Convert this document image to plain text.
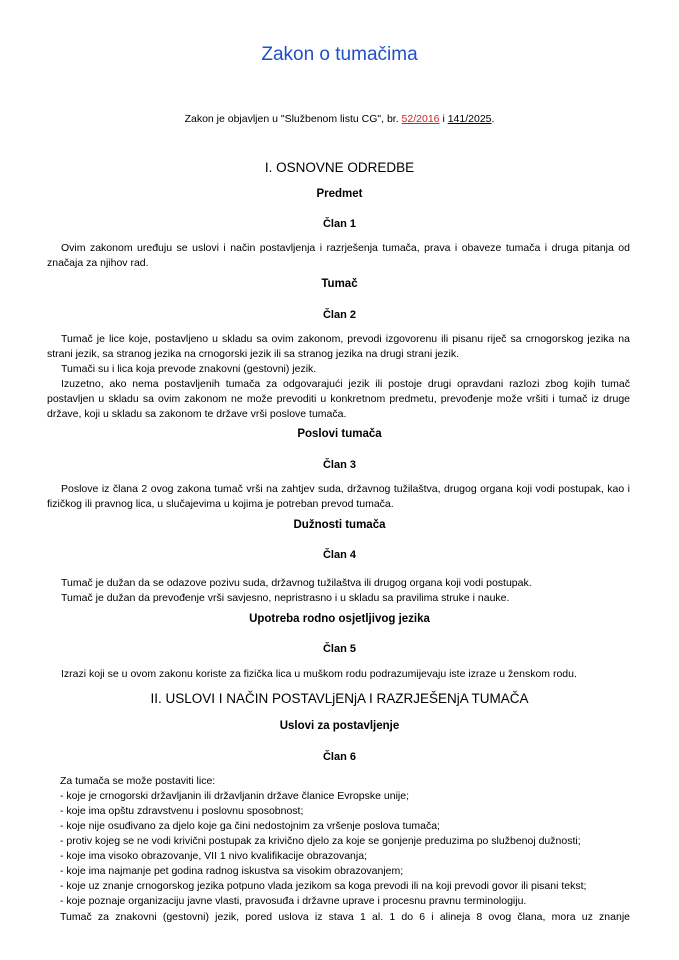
Zakon o tumačima
Zakon je objavljen u "Službenom listu CG", br. 52/2016 i 141/2025.
I. OSNOVNE ODREDBE
Predmet
Član 1
Ovim zakonom uređuju se uslovi i način postavljenja i razrješenja tumača, prava i obaveze tumača i druga pitanja od značaja za njihov rad.
Tumač
Član 2
Tumač je lice koje, postavljeno u skladu sa ovim zakonom, prevodi izgovorenu ili pisanu riječ sa crnogorskog jezika na strani jezik, sa stranog jezika na crnogorski jezik ili sa stranog jezika na drugi strani jezik.
Tumači su i lica koja prevode znakovni (gestovni) jezik.
Izuzetno, ako nema postavljenih tumača za odgovarajući jezik ili postoje drugi opravdani razlozi zbog kojih tumač postavljen u skladu sa ovim zakonom ne može prevoditi u konkretnom predmetu, prevođenje može vršiti i tumač iz druge države, koji u skladu sa zakonom te države vrši poslove tumača.
Poslovi tumača
Član 3
Poslove iz člana 2 ovog zakona tumač vrši na zahtjev suda, državnog tužilaštva, drugog organa koji vodi postupak, kao i fizičkog ili pravnog lica, u slučajevima u kojima je potreban prevod tumača.
Dužnosti tumača
Član 4
Tumač je dužan da se odazove pozivu suda, državnog tužilaštva ili drugog organa koji vodi postupak.
Tumač je dužan da prevođenje vrši savjesno, nepristrasno i u skladu sa pravilima struke i nauke.
Upotreba rodno osjetljivog jezika
Član 5
Izrazi koji se u ovom zakonu koriste za fizička lica u muškom rodu podrazumijevaju iste izraze u ženskom rodu.
II. USLOVI I NAČIN POSTAVLjENjA I RAZRJEŠENjA TUMAČA
Uslovi za postavljenje
Član 6
Za tumača se može postaviti lice:
- koje je crnogorski državljanin ili državljanin države članice Evropske unije;
- koje ima opštu zdravstvenu i poslovnu sposobnost;
- koje nije osuđivano za djelo koje ga čini nedostojnim za vršenje poslova tumača;
- protiv kojeg se ne vodi krivični postupak za krivično djelo za koje se gonjenje preduzima po službenoj dužnosti;
- koje ima visoko obrazovanje, VII 1 nivo kvalifikacije obrazovanja;
- koje ima najmanje pet godina radnog iskustva sa visokim obrazovanjem;
- koje uz znanje crnogorskog jezika potpuno vlada jezikom sa koga prevodi ili na koji prevodi govor ili pisani tekst;
- koje poznaje organizaciju javne vlasti, pravosuđa i državne uprave i procesnu pravnu terminologiju.
Tumač za znakovni (gestovni) jezik, pored uslova iz stava 1 al. 1 do 6 i alineja 8 ovog člana, mora uz znanje
